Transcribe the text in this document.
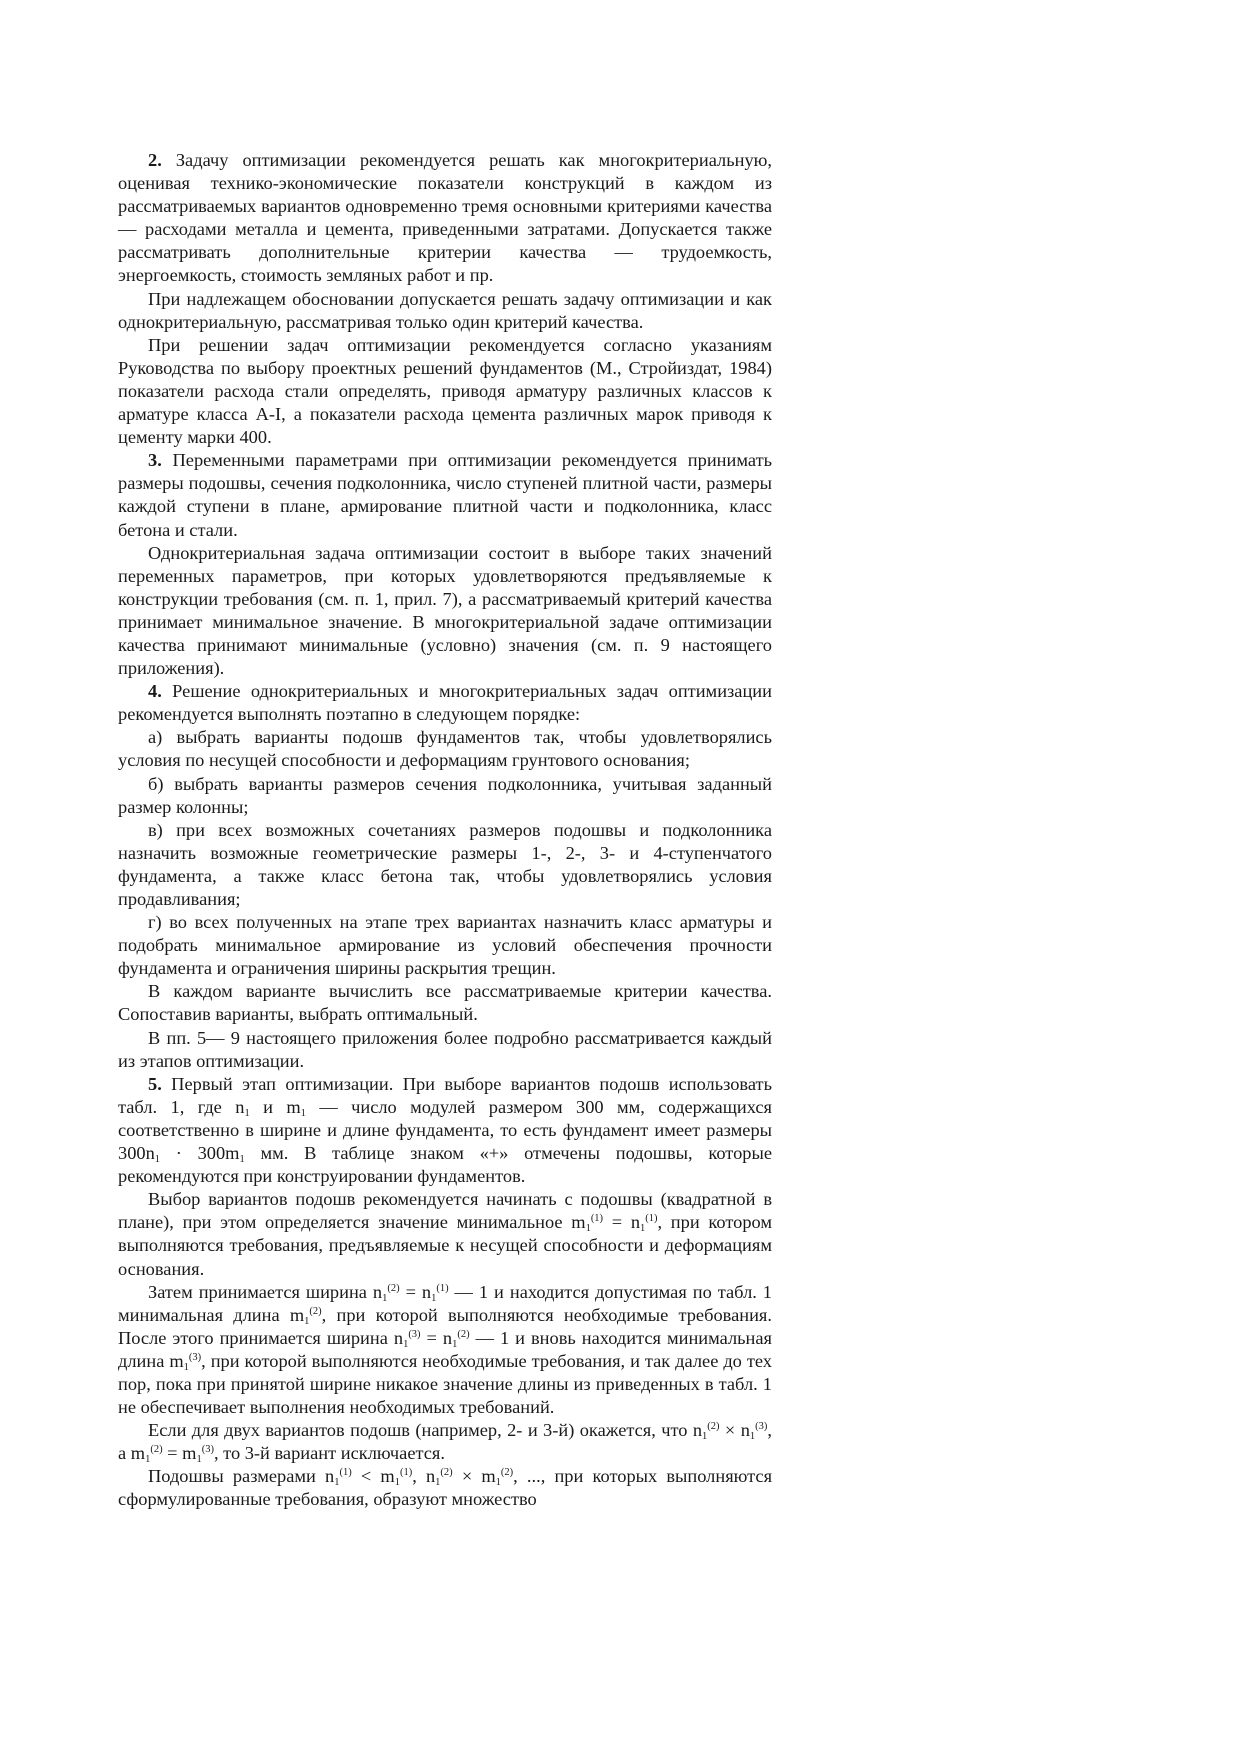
2. Задачу оптимизации рекомендуется решать как многокритериальную, оценивая технико-экономические показатели конструкций в каждом из рассматриваемых вариантов одновременно тремя основными критериями качества — расходами металла и цемента, приведенными затратами. Допускается также рассматривать дополнительные критерии качества — трудоемкость, энергоемкость, стоимость земляных работ и пр.

При надлежащем обосновании допускается решать задачу оптимизации и как однокритериальную, рассматривая только один критерий качества.

При решении задач оптимизации рекомендуется согласно указаниям Руководства по выбору проектных решений фундаментов (М., Стройиздат, 1984) показатели расхода стали определять, приводя арматуру различных классов к арматуре класса А-I, а показатели расхода цемента различных марок приводя к цементу марки 400.

3. Переменными параметрами при оптимизации рекомендуется принимать размеры подошвы, сечения подколонника, число ступеней плитной части, размеры каждой ступени в плане, армирование плитной части и подколонника, класс бетона и стали.

Однокритериальная задача оптимизации состоит в выборе таких значений переменных параметров, при которых удовлетворяются предъявляемые к конструкции требования (см. п. 1, прил. 7), а рассматриваемый критерий качества принимает минимальное значение. В многокритериальной задаче оптимизации качества принимают минимальные (условно) значения (см. п. 9 настоящего приложения).

4. Решение однокритериальных и многокритериальных задач оптимизации рекомендуется выполнять поэтапно в следующем порядке:

а) выбрать варианты подошв фундаментов так, чтобы удовлетворялись условия по несущей способности и деформациям грунтового основания;

б) выбрать варианты размеров сечения подколонника, учитывая заданный размер колонны;

в) при всех возможных сочетаниях размеров подошвы и подколонника назначить возможные геометрические размеры 1-, 2-, 3- и 4-ступенчатого фундамента, а также класс бетона так, чтобы удовлетворялись условия продавливания;

г) во всех полученных на этапе трех вариантах назначить класс арматуры и подобрать минимальное армирование из условий обеспечения прочности фундамента и ограничения ширины раскрытия трещин.

В каждом варианте вычислить все рассматриваемые критерии качества. Сопоставив варианты, выбрать оптимальный.

В пп. 5— 9 настоящего приложения более подробно рассматривается каждый из этапов оптимизации.

5. Первый этап оптимизации. При выборе вариантов подошв использовать табл. 1, где $n_1$ и $m_1$ — число модулей размером 300 мм, содержащихся соответственно в ширине и длине фундамента, то есть фундамент имеет размеры $300n_1 \cdot 300m_1$ мм. В таблице знаком «+» отмечены подошвы, которые рекомендуются при конструировании фундаментов.

Выбор вариантов подошв рекомендуется начинать с подошвы (квадратной в плане), при этом определяется значение минимальное $m_1^{(1)} = n_1^{(1)}$, при котором выполняются требования, предъявляемые к несущей способности и деформациям основания.

Затем принимается ширина $n_1^{(2)} = n_1^{(1)}$ — 1 и находится допустимая по табл. 1 минимальная длина $m_1^{(2)}$, при которой выполняются необходимые требования. После этого принимается ширина $n_1^{(3)} = n_1^{(2)}$ — 1 и вновь находится минимальная длина $m_1^{(3)}$, при которой выполняются необходимые требования, и так далее до тех пор, пока при принятой ширине никакое значение длины из приведенных в табл. 1 не обеспечивает выполнения необходимых требований.

Если для двух вариантов подошв (например, 2- и 3-й) окажется, что $n_1^{(2)} \times n_1^{(3)}$, а $m_1^{(2)} = m_1^{(3)}$, то 3-й вариант исключается.

Подошвы размерами $n_1^{(1)} < m_1^{(1)}$, $n_1^{(2)} \times m_1^{(2)}$, ..., при которых выполняются сформулированные требования, образуют множество
